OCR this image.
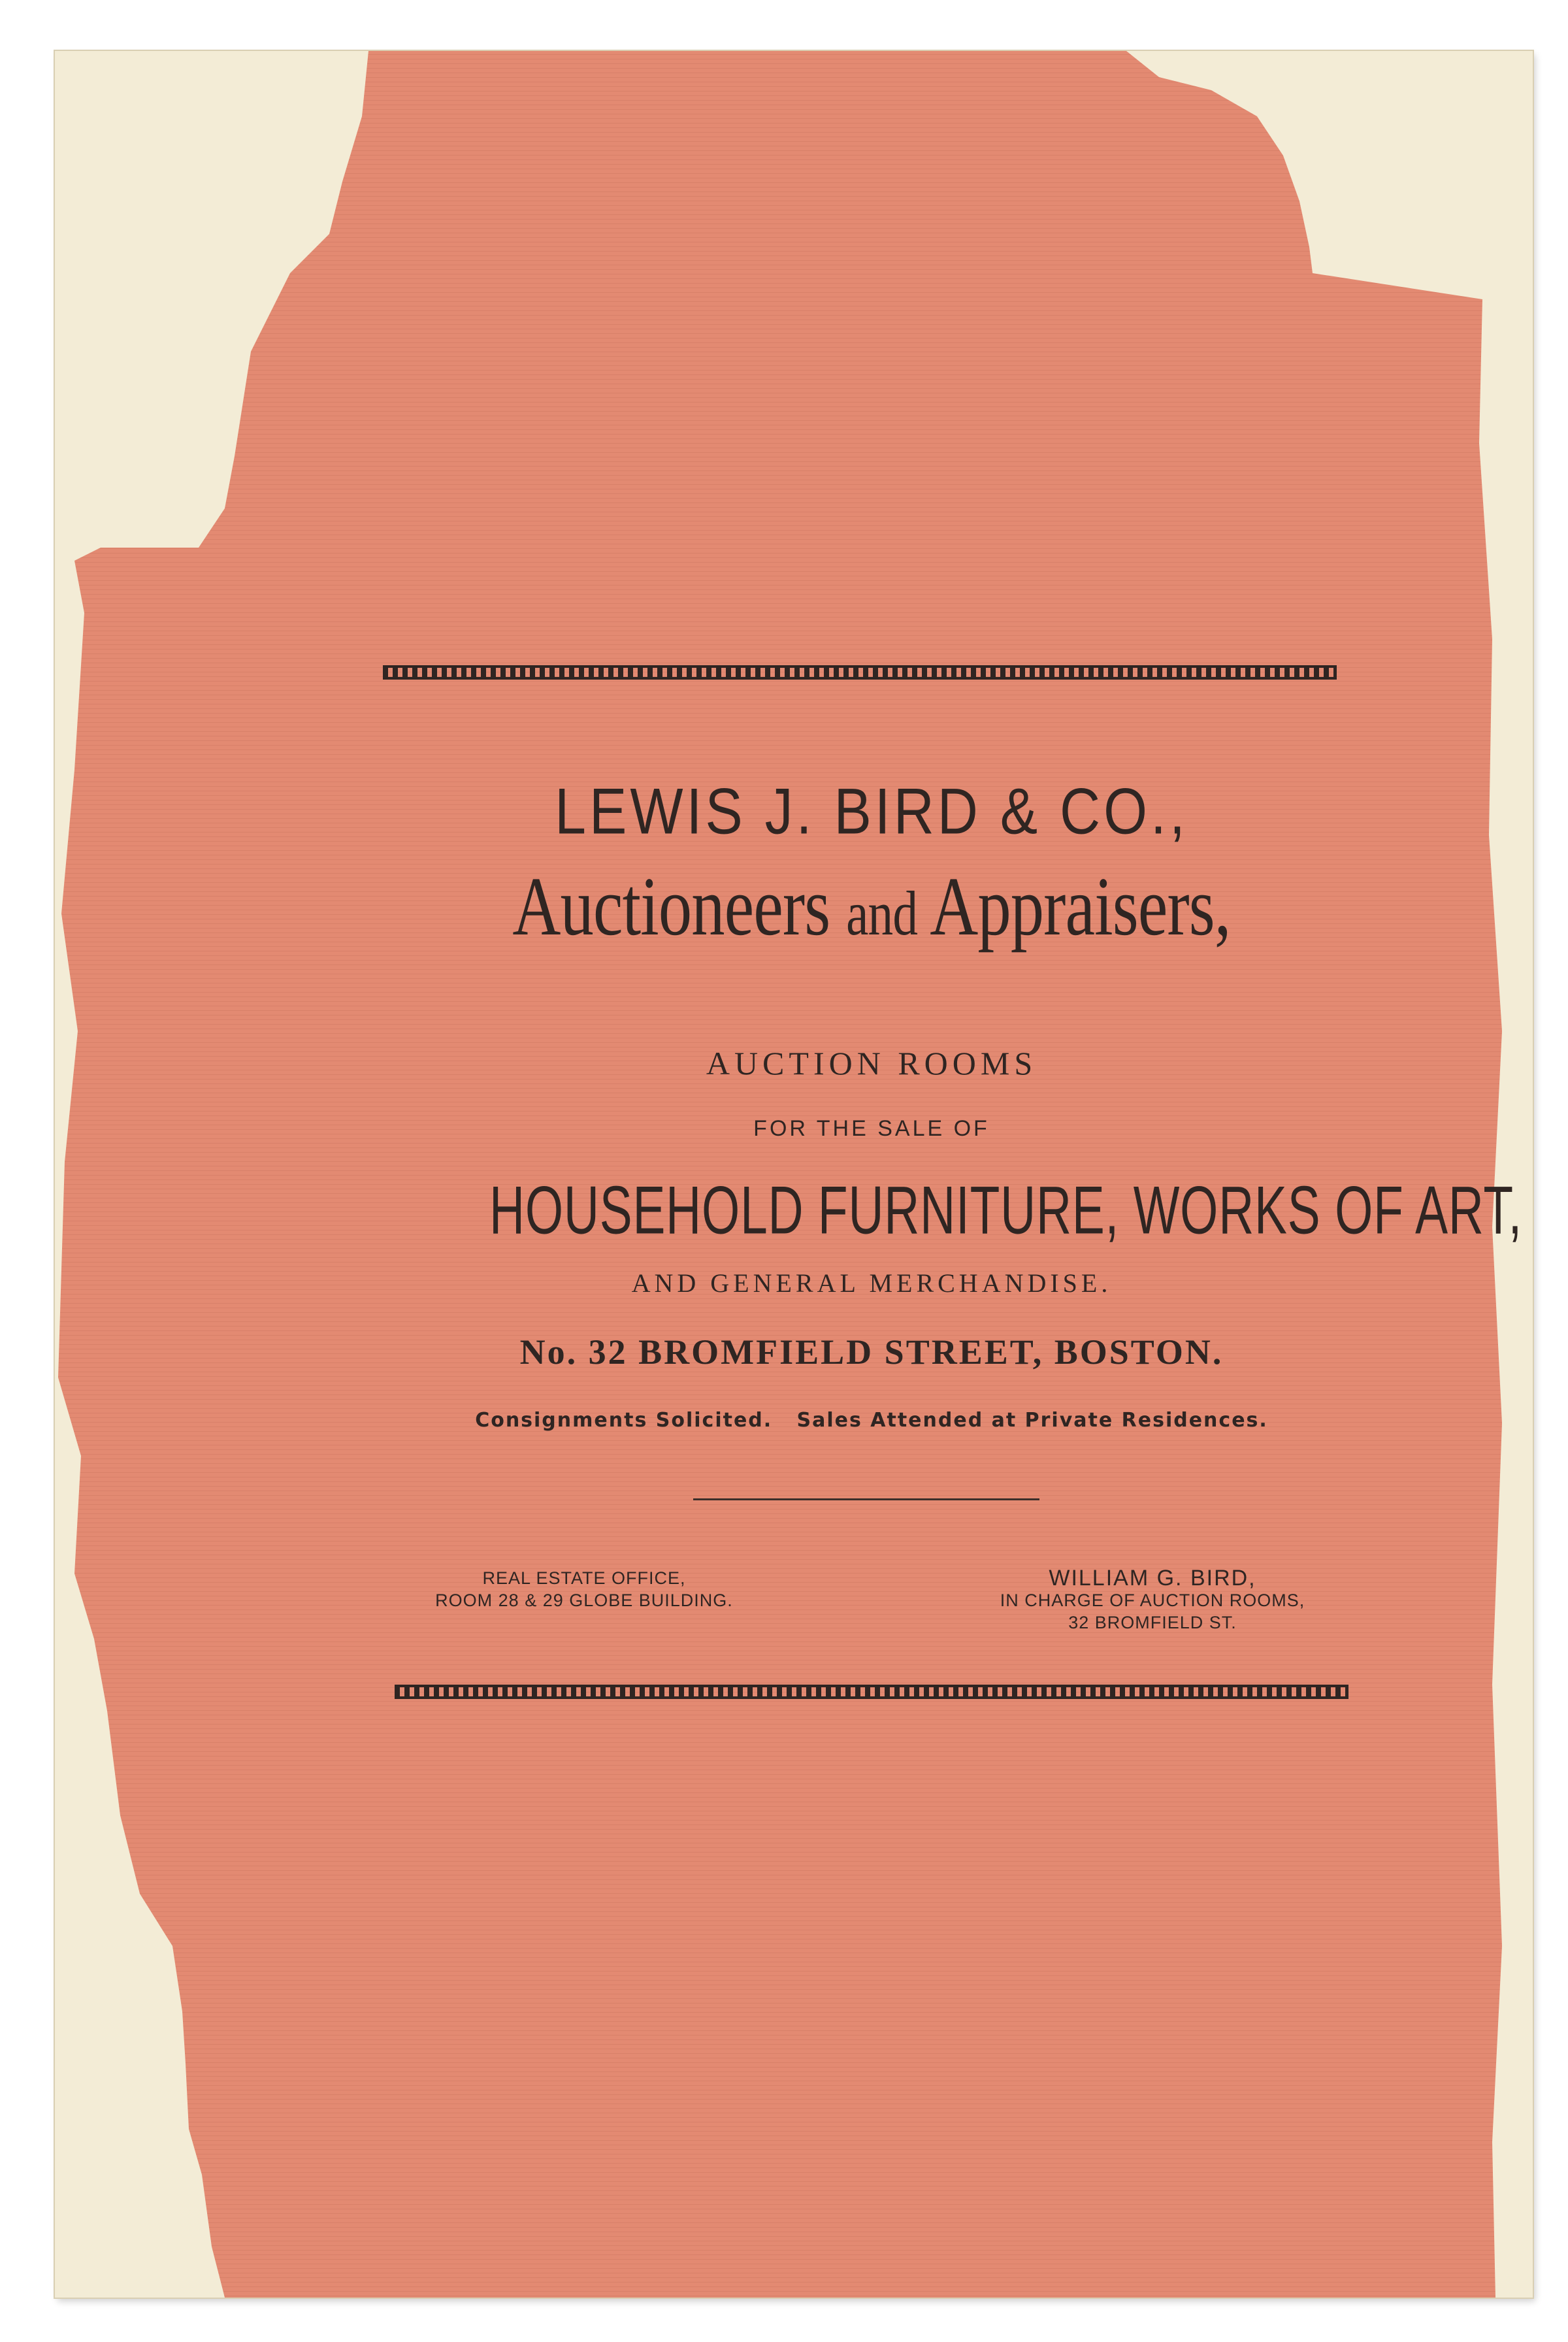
LEWIS J. BIRD & CO.,
Auctioneers and Appraisers,
AUCTION ROOMS
FOR THE SALE OF
HOUSEHOLD FURNITURE, WORKS OF ART,
AND GENERAL MERCHANDISE.
No. 32 BROMFIELD STREET, BOSTON.
Consignments Solicited.   Sales Attended at Private Residences.
REAL ESTATE OFFICE,
ROOM 28 & 29 GLOBE BUILDING.
WILLIAM G. BIRD,
IN CHARGE OF AUCTION ROOMS,
32 BROMFIELD ST.
